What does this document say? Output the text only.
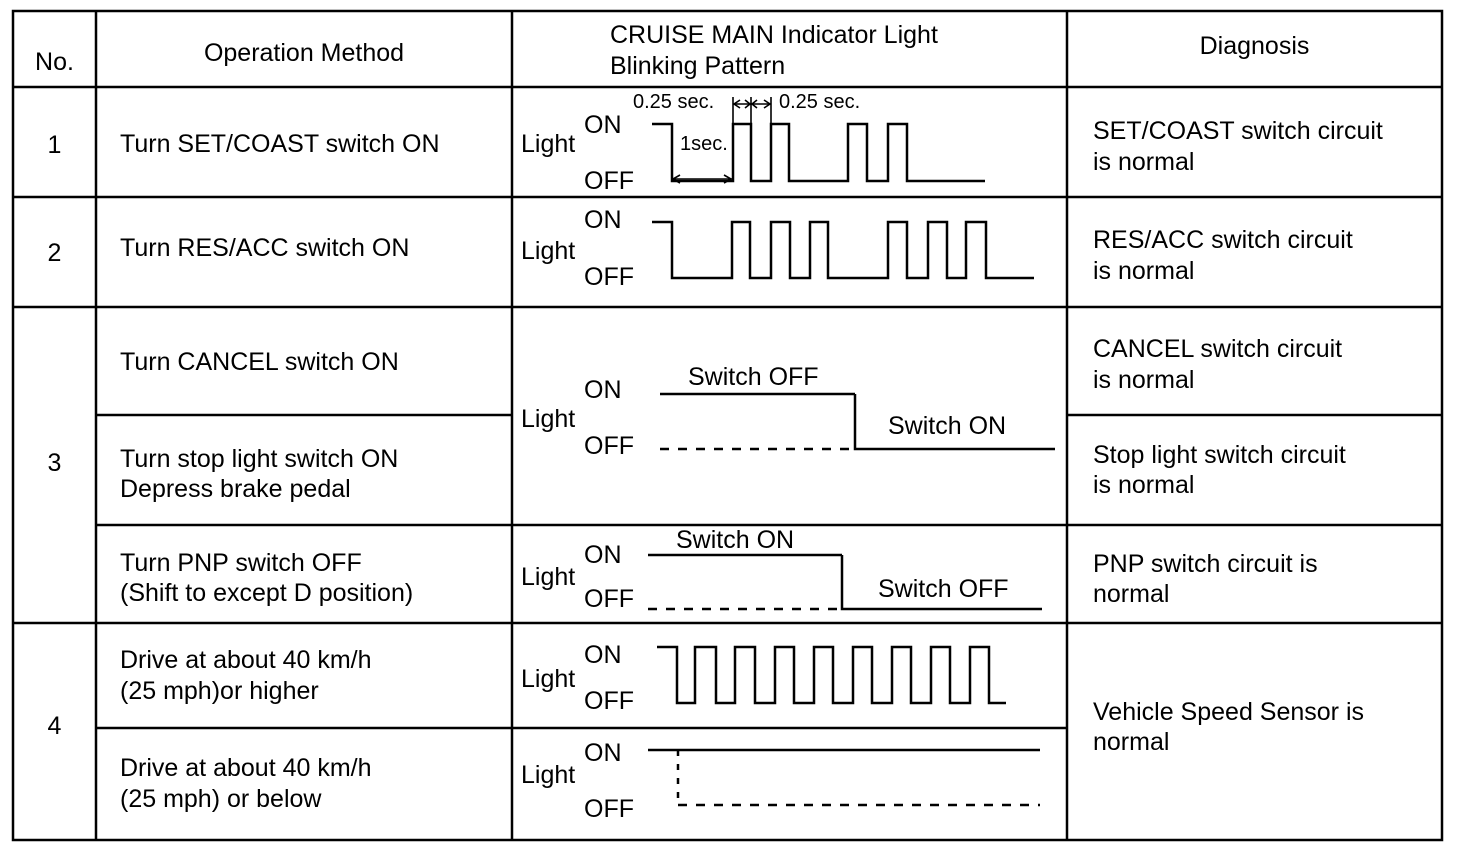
No.	Operation Method
CRUISE MAIN Indicator Light
Blinking Pattern
Diagnosis
1
2
3
4
Turn SET/COAST switch ON
Turn RES/ACC switch ON
Turn CANCEL switch ON
Turn stop light switch ON
Depress brake pedal
Turn PNP switch OFF
(Shift to except D position)
Drive at about 40 km/h
(25 mph)or higher
Drive at about 40 km/h
(25 mph) or below
SET/COAST switch circuit
is normal
RES/ACC switch circuit
is normal
CANCEL switch circuit
is normal
Stop light switch circuit
is normal
PNP switch circuit is
normal
Vehicle Speed Sensor is
normal
Light
ON
OFF
0.25 sec.	0.25 sec.
1sec.
Light
ON
OFF
Light
ON
OFF
Switch OFF
Switch ON
Light
ON
OFF
Switch ON
Switch OFF
Light
ON
OFF
Light
ON
OFF
